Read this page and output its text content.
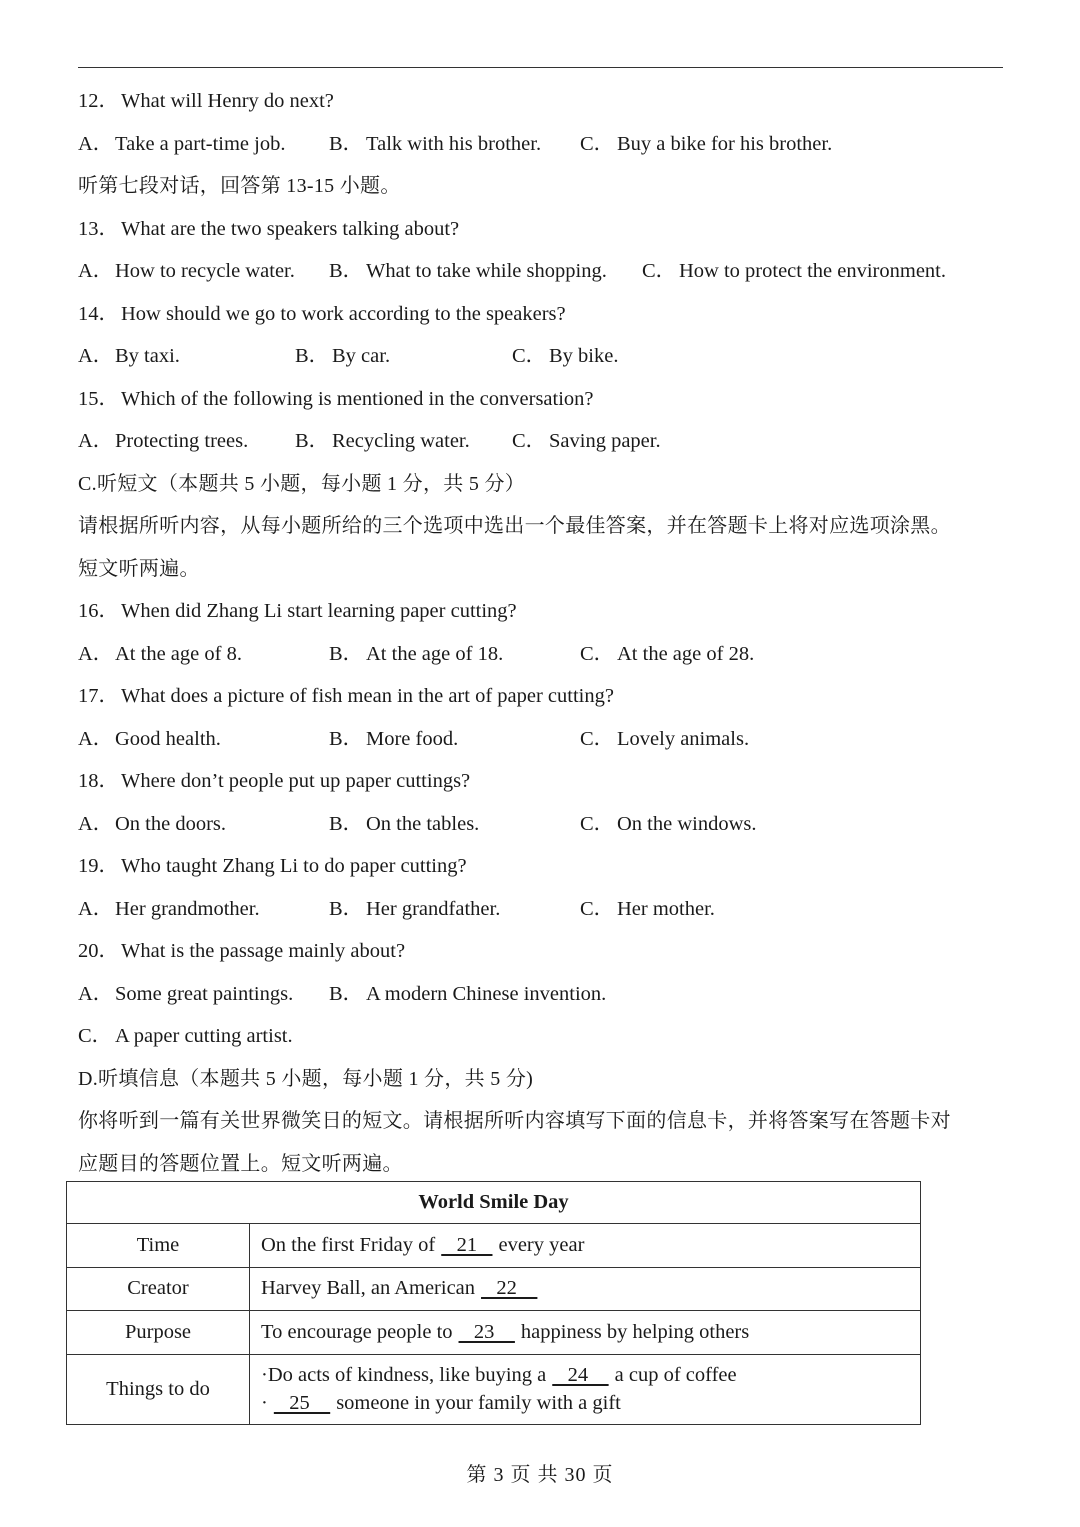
12．What will Henry do next?
A．Take a part-time job. B． Talk with his brother. C． Buy a bike for his brother.
听第七段对话，回答第 13-15 小题。
13．What are the two speakers talking about?
A．How to recycle water. B． What to take while shopping. C． How to protect the environment.
14．How should we go to work according to the speakers?
A．By taxi.	B． By car.	C． By bike.
15．Which of the following is mentioned in the conversation?
A．Protecting trees. B． Recycling water. C． Saving paper.
C.听短文（本题共 5 小题，每小题 1 分，共 5 分）
请根据所听内容，从每小题所给的三个选项中选出一个最佳答案，并在答题卡上将对应选项涂黑。
短文听两遍。
16．When did Zhang Li start learning paper cutting?
A．At the age of 8.	B． At the age of 18.	C． At the age of 28.
17．What does a picture of fish mean in the art of paper cutting?
A．Good health.	B． More food.	C． Lovely animals.
18．Where don’t people put up paper cuttings?
A．On the doors.	B． On the tables.	C． On the windows.
19．Who taught Zhang Li to do paper cutting?
A．Her grandmother.	B． Her grandfather.	C． Her mother.
20．What is the passage mainly about?
A．Some great paintings. B． A modern Chinese invention.
C． A paper cutting artist.
D.听填信息（本题共 5 小题，每小题 1 分，共 5 分)
你将听到一篇有关世界微笑日的短文。请根据所听内容填写下面的信息卡，并将答案写在答题卡对
应题目的答题位置上。短文听两遍。
World Smile Day	
Time	On the first Friday of   21   every year
Creator	Harvey Ball, an American   22
Purpose	To encourage people to   23    happiness by helping others
Things to do	·Do acts of kindness, like buying a   24    a cup of coffee
·   25    someone in your family with a gift
第 3 页 共 30 页
